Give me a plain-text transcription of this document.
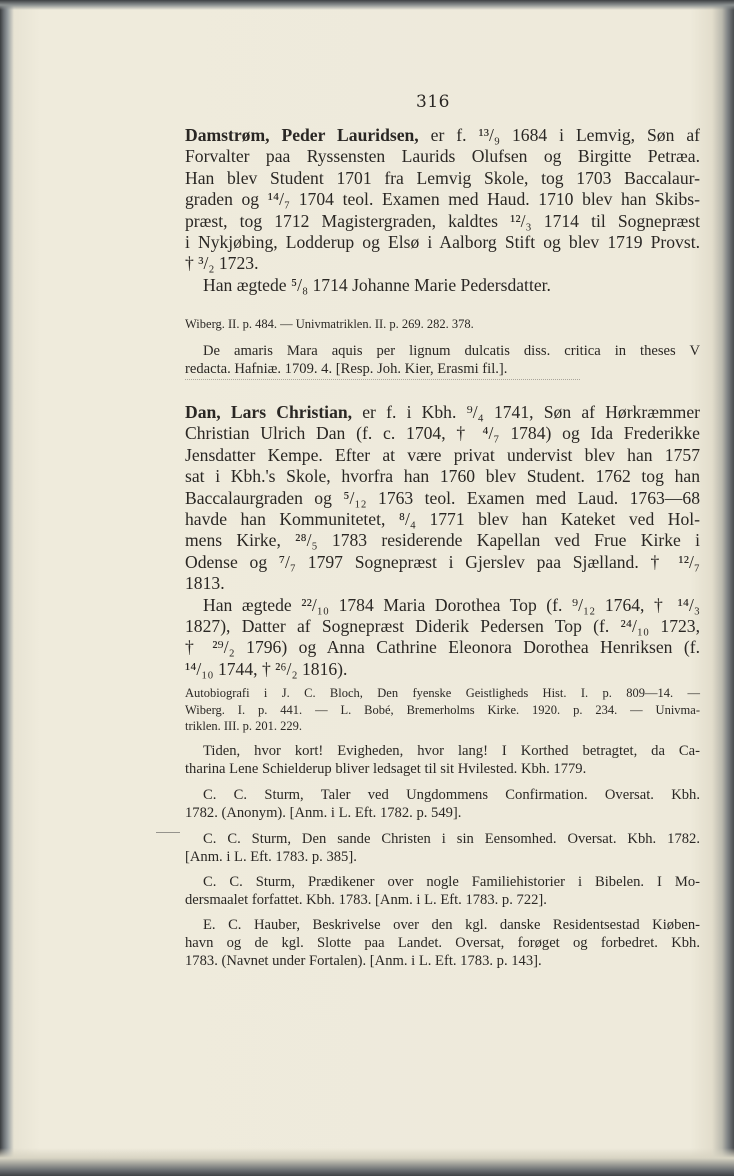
316
Damstrøm, Peder Lauridsen, er f. ¹³/₉ 1684 i Lemvig, Søn af
Forvalter paa Ryssensten Laurids Olufsen og Birgitte Petræa.
Han blev Student 1701 fra Lemvig Skole, tog 1703 Baccalaur-
graden og ¹⁴/₇ 1704 teol. Examen med Haud. 1710 blev han Skibs-
præst, tog 1712 Magistergraden, kaldtes ¹²/₃ 1714 til Sognepræst
i Nykjøbing, Lodderup og Elsø i Aalborg Stift og blev 1719 Provst.
† ³/₂ 1723.
Han ægtede ⁵/₈ 1714 Johanne Marie Pedersdatter.
Wiberg. II. p. 484. — Univmatriklen. II. p. 269. 282. 378.
De amaris Mara aquis per lignum dulcatis diss. critica in theses V
redacta. Hafniæ. 1709. 4. [Resp. Joh. Kier, Erasmi fil.].
Dan, Lars Christian, er f. i Kbh. ⁹/₄ 1741, Søn af Hørkræmmer
Christian Ulrich Dan (f. c. 1704, † ⁴/₇ 1784) og Ida Frederikke
Jensdatter Kempe. Efter at være privat undervist blev han 1757
sat i Kbh.'s Skole, hvorfra han 1760 blev Student. 1762 tog han
Baccalaurgraden og ⁵/₁₂ 1763 teol. Examen med Laud. 1763—68
havde han Kommunitetet, ⁸/₄ 1771 blev han Kateket ved Hol-
mens Kirke, ²⁸/₅ 1783 residerende Kapellan ved Frue Kirke i
Odense og ⁷/₇ 1797 Sognepræst i Gjerslev paa Sjælland. † ¹²/₇
1813.
Han ægtede ²²/₁₀ 1784 Maria Dorothea Top (f. ⁹/₁₂ 1764, † ¹⁴/₃
1827), Datter af Sognepræst Diderik Pedersen Top (f. ²⁴/₁₀ 1723,
† ²⁹/₂ 1796) og Anna Cathrine Eleonora Dorothea Henriksen (f.
¹⁴/₁₀ 1744, † ²⁶/₂ 1816).
Autobiografi i J. C. Bloch, Den fyenske Geistligheds Hist. I. p. 809—14. —
Wiberg. I. p. 441. — L. Bobé, Bremerholms Kirke. 1920. p. 234. — Univma-
triklen. III. p. 201. 229.
Tiden, hvor kort! Evigheden, hvor lang! I Korthed betragtet, da Ca-
tharina Lene Schielderup bliver ledsaget til sit Hvilested. Kbh. 1779.
C. C. Sturm, Taler ved Ungdommens Confirmation. Oversat. Kbh.
1782. (Anonym). [Anm. i L. Eft. 1782. p. 549].
C. C. Sturm, Den sande Christen i sin Eensomhed. Oversat. Kbh. 1782.
[Anm. i L. Eft. 1783. p. 385].
C. C. Sturm, Prædikener over nogle Familiehistorier i Bibelen. I Mo-
dersmaalet forfattet. Kbh. 1783. [Anm. i L. Eft. 1783. p. 722].
E. C. Hauber, Beskrivelse over den kgl. danske Residentsestad Kiøben-
havn og de kgl. Slotte paa Landet. Oversat, forøget og forbedret. Kbh.
1783. (Navnet under Fortalen). [Anm. i L. Eft. 1783. p. 143].
